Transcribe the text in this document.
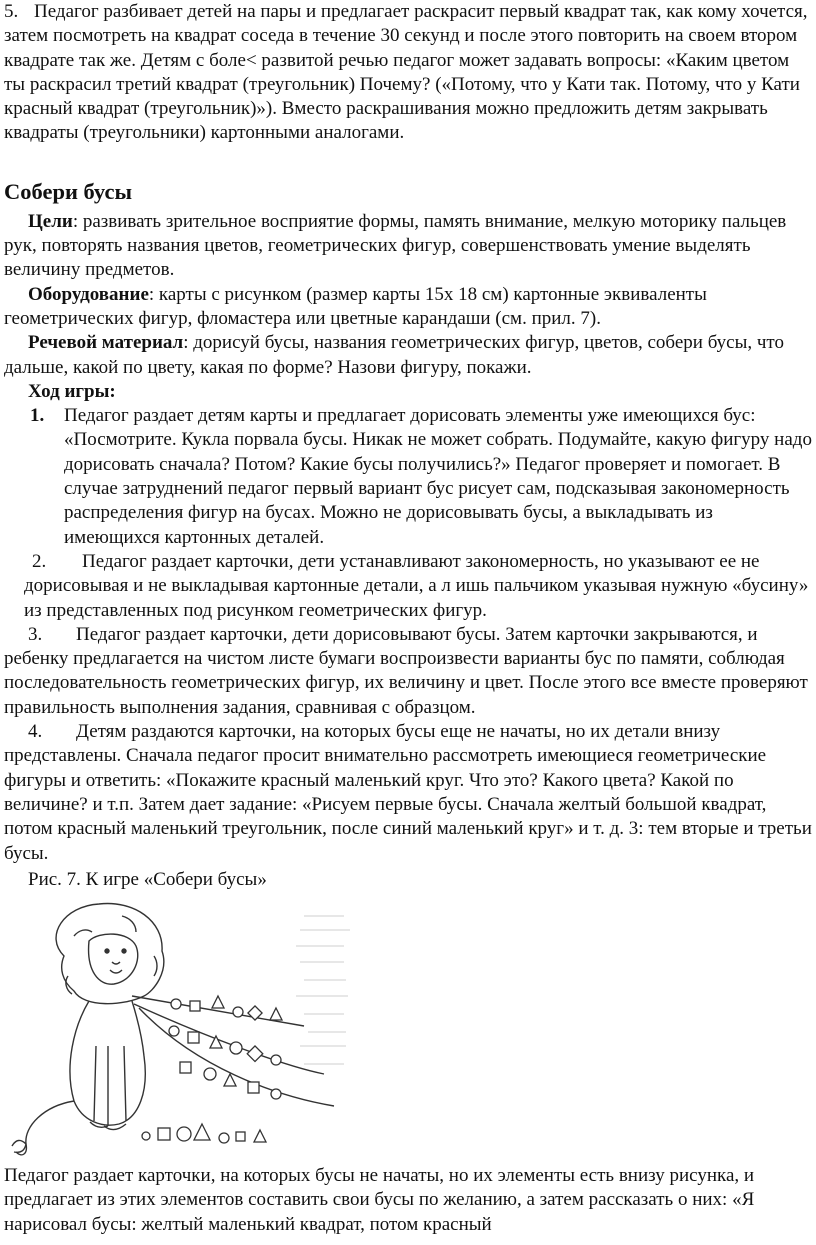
5. Педагог разбивает детей на пары и предлагает раскрасит первый квадрат так, как кому хочется, затем посмотреть на квадрат соседа в течение 30 секунд и после этого повторить на своем втором квадрате так же. Детям с боле< развитой речью педагог может задавать вопросы: «Каким цветом ты раскрасил третий квадрат (треугольник) Почему? («Потому, что у Кати так. Потому, что у Кати красный квадрат (треугольник)»). Вместо раскрашивания можно предложить детям закрывать квадраты (треугольники) картонными аналогами.

Собери бусы

Цели: развивать зрительное восприятие формы, память внимание, мелкую моторику пальцев рук, повторять названия цветов, геометрических фигур, совершенствовать умение выделять величину предметов.

Оборудование: карты с рисунком (размер карты 15х 18 см) картонные эквиваленты геометрических фигур, фломастера или цветные карандаши (см. прил. 7).

Речевой материал: дорисуй бусы, названия геометрических фигур, цветов, собери бусы, что дальше, какой по цвету, какая по форме? Назови фигуру, покажи.

Ход игры:

1. Педагог раздает детям карты и предлагает дорисовать элементы уже имеющихся бус: «Посмотрите. Кукла порвала бусы. Никак не может собрать. Подумайте, какую фигуру надо дорисовать сначала? Потом? Какие бусы получились?» Педагог проверяет и помогает. В случае затруднений педагог первый вариант бус рисует сам, подсказывая закономерность распределения фигур на бусах. Можно не дорисовывать бусы, а выкладывать из имеющихся картонных деталей.
2. Педагог раздает карточки, дети устанавливают закономерность, но указывают ее не дорисовывая и не выкладывая картонные детали, а л ишь пальчиком указывая нужную «бусину» из представленных под рисунком геометрических фигур.

3. Педагог раздает карточки, дети дорисовывают бусы. Затем карточки закрываются, и ребенку предлагается на чистом листе бумаги воспроизвести варианты бус по памяти, соблюдая последовательность геометрических фигур, их величину и цвет. После этого все вместе проверяют правильность выполнения задания, сравнивая с образцом.

4. Детям раздаются карточки, на которых бусы еще не начаты, но их детали внизу представлены. Сначала педагог просит внимательно рассмотреть имеющиеся геометрические фигуры и ответить: «Покажите красный маленький круг. Что это? Какого цвета? Какой по величине? и т.п. Затем дает задание: «Рисуем первые бусы. Сначала желтый большой квадрат, потом красный маленький треугольник, после синий маленький круг» и т. д. 3: тем вторые и третьи бусы.

Рис. 7. К игре «Собери бусы»

Педагог раздает карточки, на которых бусы не начаты, но их элементы есть внизу рисунка, и предлагает из этих элементов составить свои бусы по желанию, а затем рассказать о них: «Я нарисовал бусы: желтый маленький квадрат, потом красный
